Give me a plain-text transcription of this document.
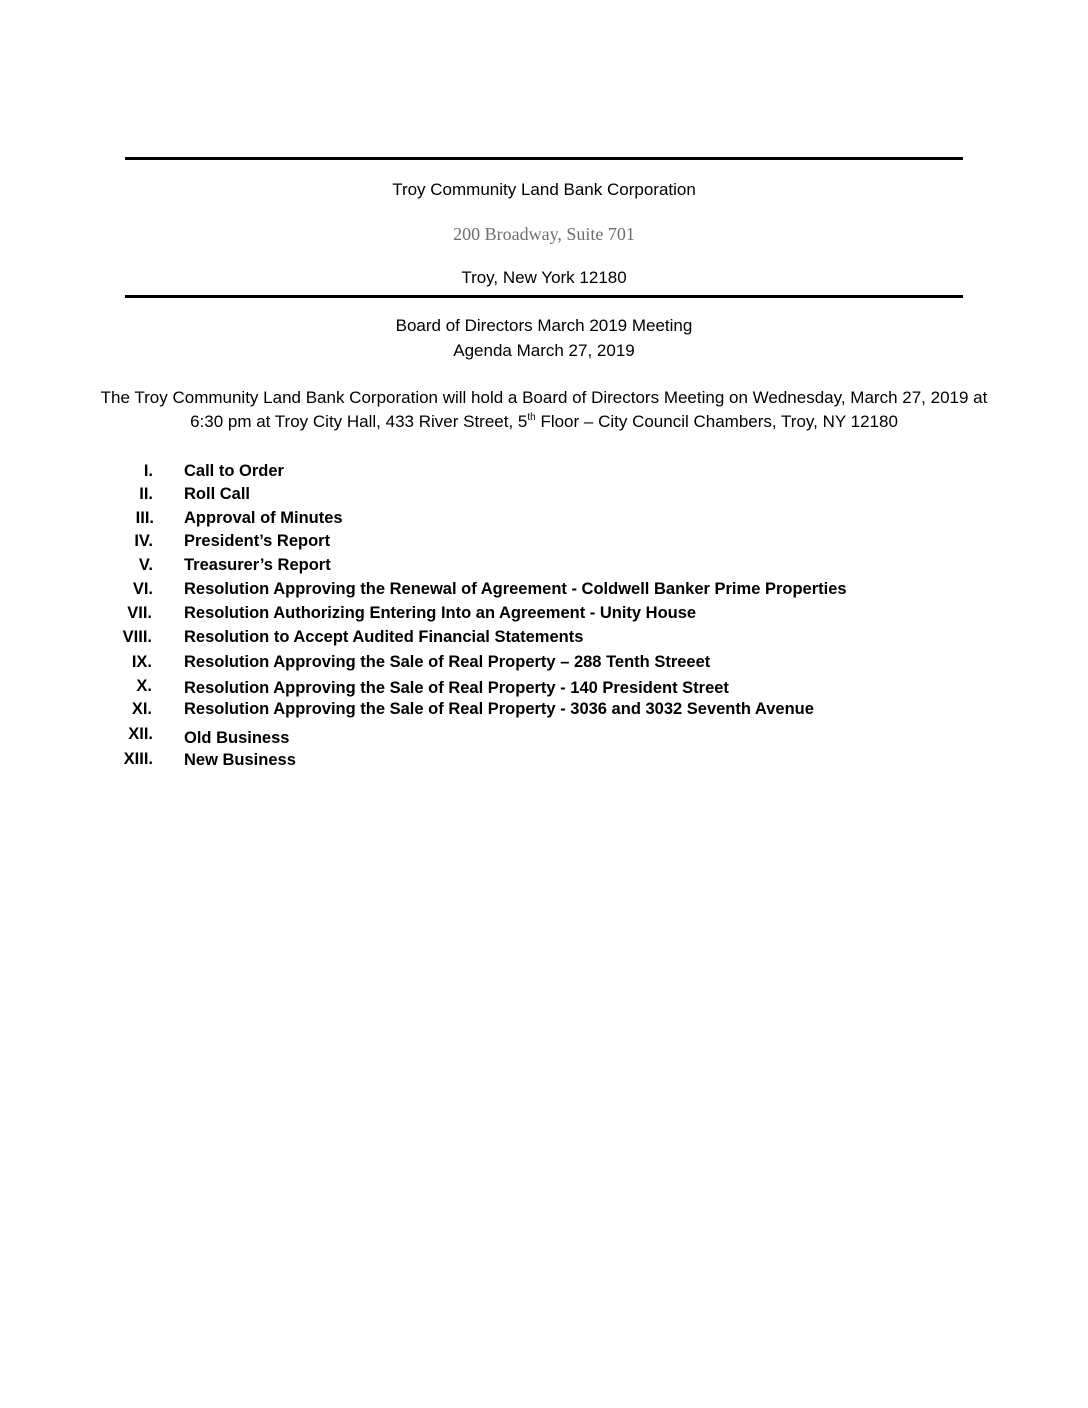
Troy Community Land Bank Corporation
200 Broadway, Suite 701
Troy, New York 12180
Board of Directors March 2019 Meeting
Agenda March 27, 2019
The Troy Community Land Bank Corporation will hold a Board of Directors Meeting on Wednesday, March 27, 2019 at 6:30 pm at Troy City Hall, 433 River Street, 5th Floor – City Council Chambers, Troy, NY 12180
I. Call to Order
II. Roll Call
III. Approval of Minutes
IV. President’s Report
V. Treasurer’s Report
VI. Resolution Approving the Renewal of Agreement - Coldwell Banker Prime Properties
VII. Resolution Authorizing Entering Into an Agreement - Unity House
VIII. Resolution to Accept Audited Financial Statements
IX. Resolution Approving the Sale of Real Property – 288 Tenth Streeet
X. Resolution Approving the Sale of Real Property - 140 President Street
XI. Resolution Approving the Sale of Real Property - 3036 and 3032 Seventh Avenue
XII. Old Business
XIII. New Business
